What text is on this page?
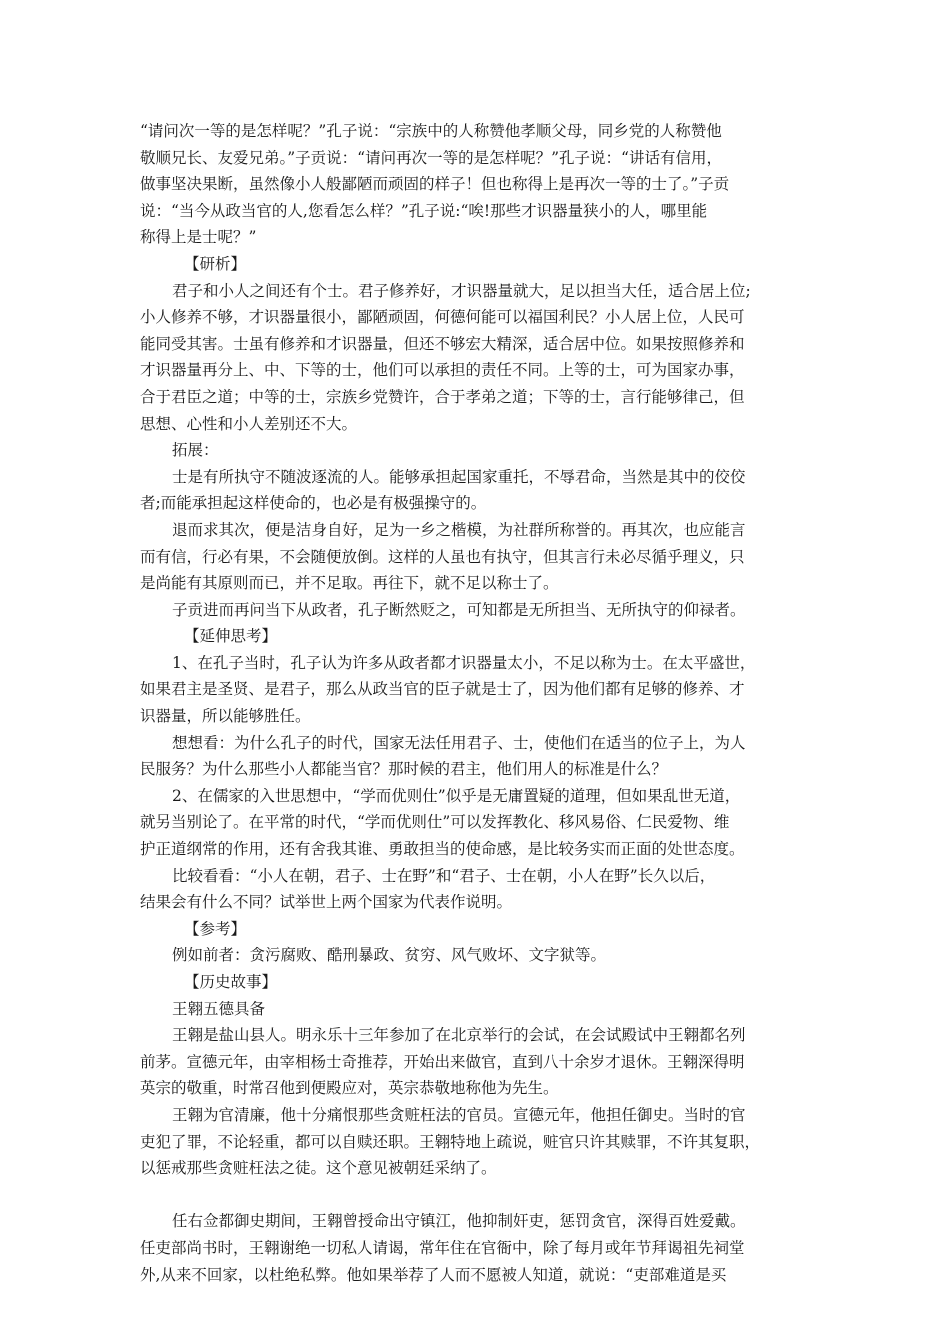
“请问次一等的是怎样呢？”孔子说：“宗族中的人称赞他孝顺父母，同乡党的人称赞他
敬顺兄长、友爱兄弟。”子贡说：“请问再次一等的是怎样呢？”孔子说：“讲话有信用，
做事坚决果断，虽然像小人般鄙陋而顽固的样子！但也称得上是再次一等的士了。”子贡
说：“当今从政当官的人,您看怎么样？”孔子说:“唉!那些才识器量狭小的人，哪里能
称得上是士呢？”
【研析】
君子和小人之间还有个士。君子修养好，才识器量就大，足以担当大任，适合居上位;
小人修养不够，才识器量很小，鄙陋顽固，何德何能可以福国利民？小人居上位，人民可
能同受其害。士虽有修养和才识器量，但还不够宏大精深，适合居中位。如果按照修养和
才识器量再分上、中、下等的士，他们可以承担的责任不同。上等的士，可为国家办事，
合于君臣之道；中等的士，宗族乡党赞许，合于孝弟之道；下等的士，言行能够律己，但
思想、心性和小人差别还不大。
拓展：
士是有所执守不随波逐流的人。能够承担起国家重托，不辱君命，当然是其中的佼佼
者;而能承担起这样使命的，也必是有极强操守的。
退而求其次，便是洁身自好，足为一乡之楷模，为社群所称誉的。再其次，也应能言
而有信，行必有果，不会随便放倒。这样的人虽也有执守，但其言行未必尽循乎理义，只
是尚能有其原则而已，并不足取。再往下，就不足以称士了。
子贡进而再问当下从政者，孔子断然贬之，可知都是无所担当、无所执守的仰禄者。
【延伸思考】
1、在孔子当时，孔子认为许多从政者都才识器量太小，不足以称为士。在太平盛世，
如果君主是圣贤、是君子，那么从政当官的臣子就是士了，因为他们都有足够的修养、才
识器量，所以能够胜任。
想想看：为什么孔子的时代，国家无法任用君子、士，使他们在适当的位子上，为人
民服务？为什么那些小人都能当官？那时候的君主，他们用人的标准是什么？
2、在儒家的入世思想中，“学而优则仕”似乎是无庸置疑的道理，但如果乱世无道，
就另当别论了。在平常的时代，“学而优则仕”可以发挥教化、移风易俗、仁民爱物、维
护正道纲常的作用，还有舍我其谁、勇敢担当的使命感，是比较务实而正面的处世态度。
比较看看：“小人在朝，君子、士在野”和“君子、士在朝，小人在野”长久以后，
结果会有什么不同？试举世上两个国家为代表作说明。
【参考】
例如前者：贪污腐败、酷刑暴政、贫穷、风气败坏、文字狱等。
【历史故事】
王翱五德具备
王翱是盐山县人。明永乐十三年参加了在北京举行的会试，在会试殿试中王翱都名列
前茅。宣德元年，由宰相杨士奇推荐，开始出来做官，直到八十余岁才退休。王翱深得明
英宗的敬重，时常召他到便殿应对，英宗恭敬地称他为先生。
王翱为官清廉，他十分痛恨那些贪赃枉法的官员。宣德元年，他担任御史。当时的官
吏犯了罪，不论轻重，都可以自赎还职。王翱特地上疏说，赃官只许其赎罪，不许其复职，
以惩戒那些贪赃枉法之徒。这个意见被朝廷采纳了。
任右佥都御史期间，王翱曾授命出守镇江，他抑制奸吏，惩罚贪官，深得百姓爱戴。
任吏部尚书时，王翱谢绝一切私人请谒，常年住在官衙中，除了每月或年节拜谒祖先祠堂
外,从来不回家，以杜绝私弊。他如果举荐了人而不愿被人知道，就说：“吏部难道是买
